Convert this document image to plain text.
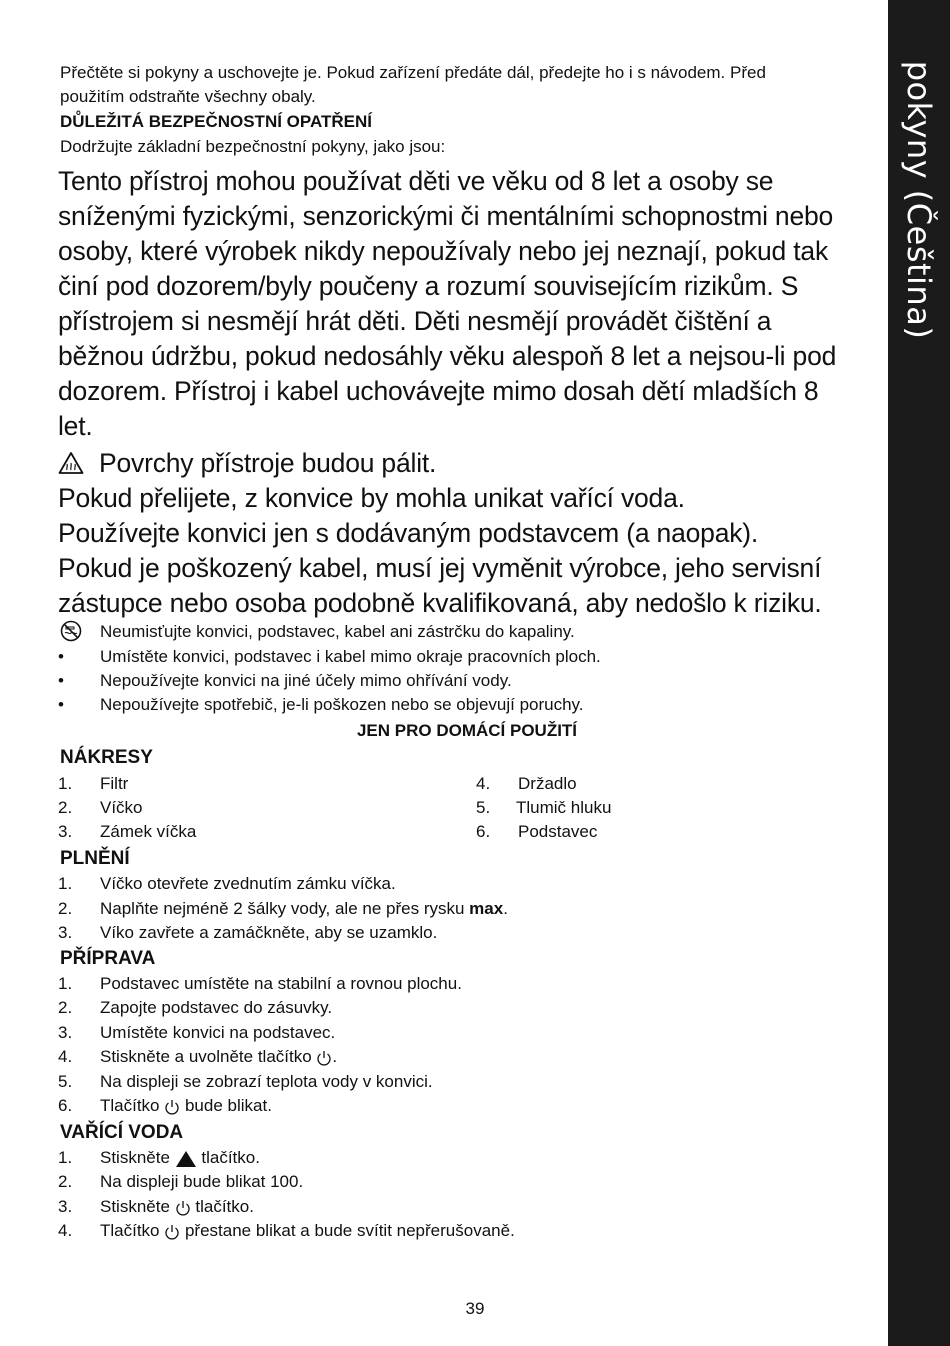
pokyny (Čeština)
Přečtěte si pokyny a uschovejte je. Pokud zařízení předáte dál, předejte ho i s návodem. Před
použitím odstraňte všechny obaly.
DŮLEŽITÁ BEZPEČNOSTNÍ OPATŘENÍ
Dodržujte základní bezpečnostní pokyny, jako jsou:
Tento přístroj mohou používat děti ve věku od 8 let a osoby se
sníženými fyzickými, senzorickými či mentálními schopnostmi nebo
osoby, které výrobek nikdy nepoužívaly nebo jej neznají, pokud tak
činí pod dozorem/byly poučeny a rozumí souvisejícím rizikům. S
přístrojem si nesmějí hrát děti. Děti nesmějí provádět čištění a
běžnou údržbu, pokud nedosáhly věku alespoň 8 let a nejsou-li pod
dozorem. Přístroj i kabel uchovávejte mimo dosah dětí mladších 8
let.
Povrchy přístroje budou pálit.
Pokud přelijete, z konvice by mohla unikat vařící voda.
Používejte konvici jen s dodávaným podstavcem (a naopak).
Pokud je poškozený kabel, musí jej vyměnit výrobce, jeho servisní
zástupce nebo osoba podobně kvalifikovaná, aby nedošlo k riziku.
Neumisťujte konvici, podstavec, kabel ani zástrčku do kapaliny.
• Umístěte konvici, podstavec i kabel mimo okraje pracovních ploch.
• Nepoužívejte konvici na jiné účely mimo ohřívání vody.
• Nepoužívejte spotřebič, je-li poškozen nebo se objevují poruchy.
JEN PRO DOMÁCÍ POUŽITÍ
NÁKRESY
1.	Filtr
2.	Víčko
3.	Zámek víčka
4.	Držadlo
5.	Tlumič hluku
6.	Podstavec
PLNĚNÍ
1.	Víčko otevřete zvednutím zámku víčka.
2.	Naplňte nejméně 2 šálky vody, ale ne přes rysku max.
3.	Víko zavřete a zamáčkněte, aby se uzamklo.
PŘÍPRAVA
1.	Podstavec umístěte na stabilní a rovnou plochu.
2.	Zapojte podstavec do zásuvky.
3.	Umístěte konvici na podstavec.
4.	Stiskněte a uvolněte tlačítko
.
5.	Na displeji se zobrazí teplota vody v konvici.
6.	Tlačítko
bude blikat.
VAŘÍCÍ VODA
1.	Stiskněte
tlačítko.
2.	Na displeji bude blikat 100.
3.	Stiskněte
tlačítko.
4.	Tlačítko
přestane blikat a bude svítit nepřerušovaně.
39
